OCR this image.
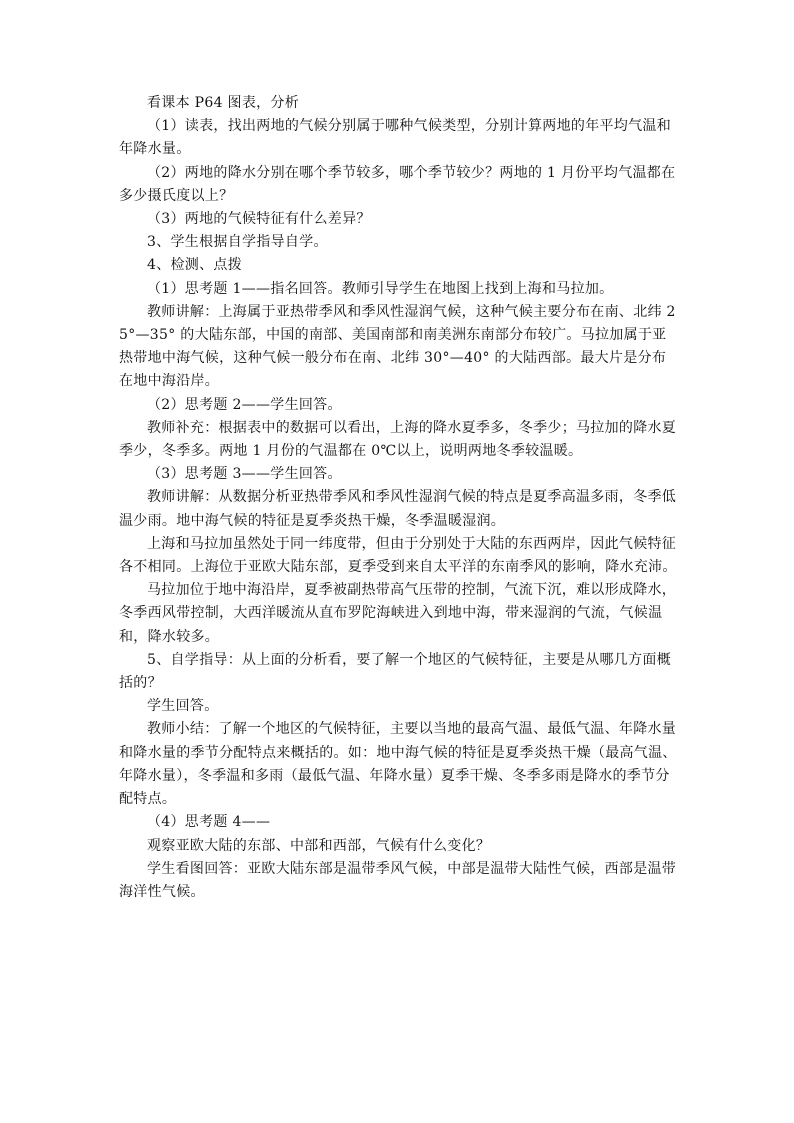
看课本 P64 图表，分析

（1）读表，找出两地的气候分别属于哪种气候类型，分别计算两地的年平均气温和年降水量。

（2）两地的降水分别在哪个季节较多，哪个季节较少？两地的 1 月份平均气温都在多少摄氏度以上？

（3）两地的气候特征有什么差异？

3、学生根据自学指导自学。

4、检测、点拨

（1）思考题 1——指名回答。教师引导学生在地图上找到上海和马拉加。

教师讲解：上海属于亚热带季风和季风性湿润气候，这种气候主要分布在南、北纬 25°—35° 的大陆东部，中国的南部、美国南部和南美洲东南部分布较广。马拉加属于亚热带地中海气候，这种气候一般分布在南、北纬 30°—40° 的大陆西部。最大片是分布在地中海沿岸。

（2）思考题 2——学生回答。

教师补充：根据表中的数据可以看出，上海的降水夏季多，冬季少；马拉加的降水夏季少，冬季多。两地 1 月份的气温都在 0℃以上，说明两地冬季较温暖。

（3）思考题 3——学生回答。

教师讲解：从数据分析亚热带季风和季风性湿润气候的特点是夏季高温多雨，冬季低温少雨。地中海气候的特征是夏季炎热干燥，冬季温暖湿润。

上海和马拉加虽然处于同一纬度带，但由于分别处于大陆的东西两岸，因此气候特征各不相同。上海位于亚欧大陆东部，夏季受到来自太平洋的东南季风的影响，降水充沛。

马拉加位于地中海沿岸，夏季被副热带高气压带的控制，气流下沉，难以形成降水，冬季西风带控制，大西洋暖流从直布罗陀海峡进入到地中海，带来湿润的气流，气候温和，降水较多。

5、自学指导：从上面的分析看，要了解一个地区的气候特征，主要是从哪几方面概括的？

学生回答。

教师小结：了解一个地区的气候特征，主要以当地的最高气温、最低气温、年降水量和降水量的季节分配特点来概括的。如：地中海气候的特征是夏季炎热干燥（最高气温、年降水量），冬季温和多雨（最低气温、年降水量）夏季干燥、冬季多雨是降水的季节分配特点。

（4）思考题 4——

观察亚欧大陆的东部、中部和西部，气候有什么变化？

学生看图回答：亚欧大陆东部是温带季风气候，中部是温带大陆性气候，西部是温带海洋性气候。
